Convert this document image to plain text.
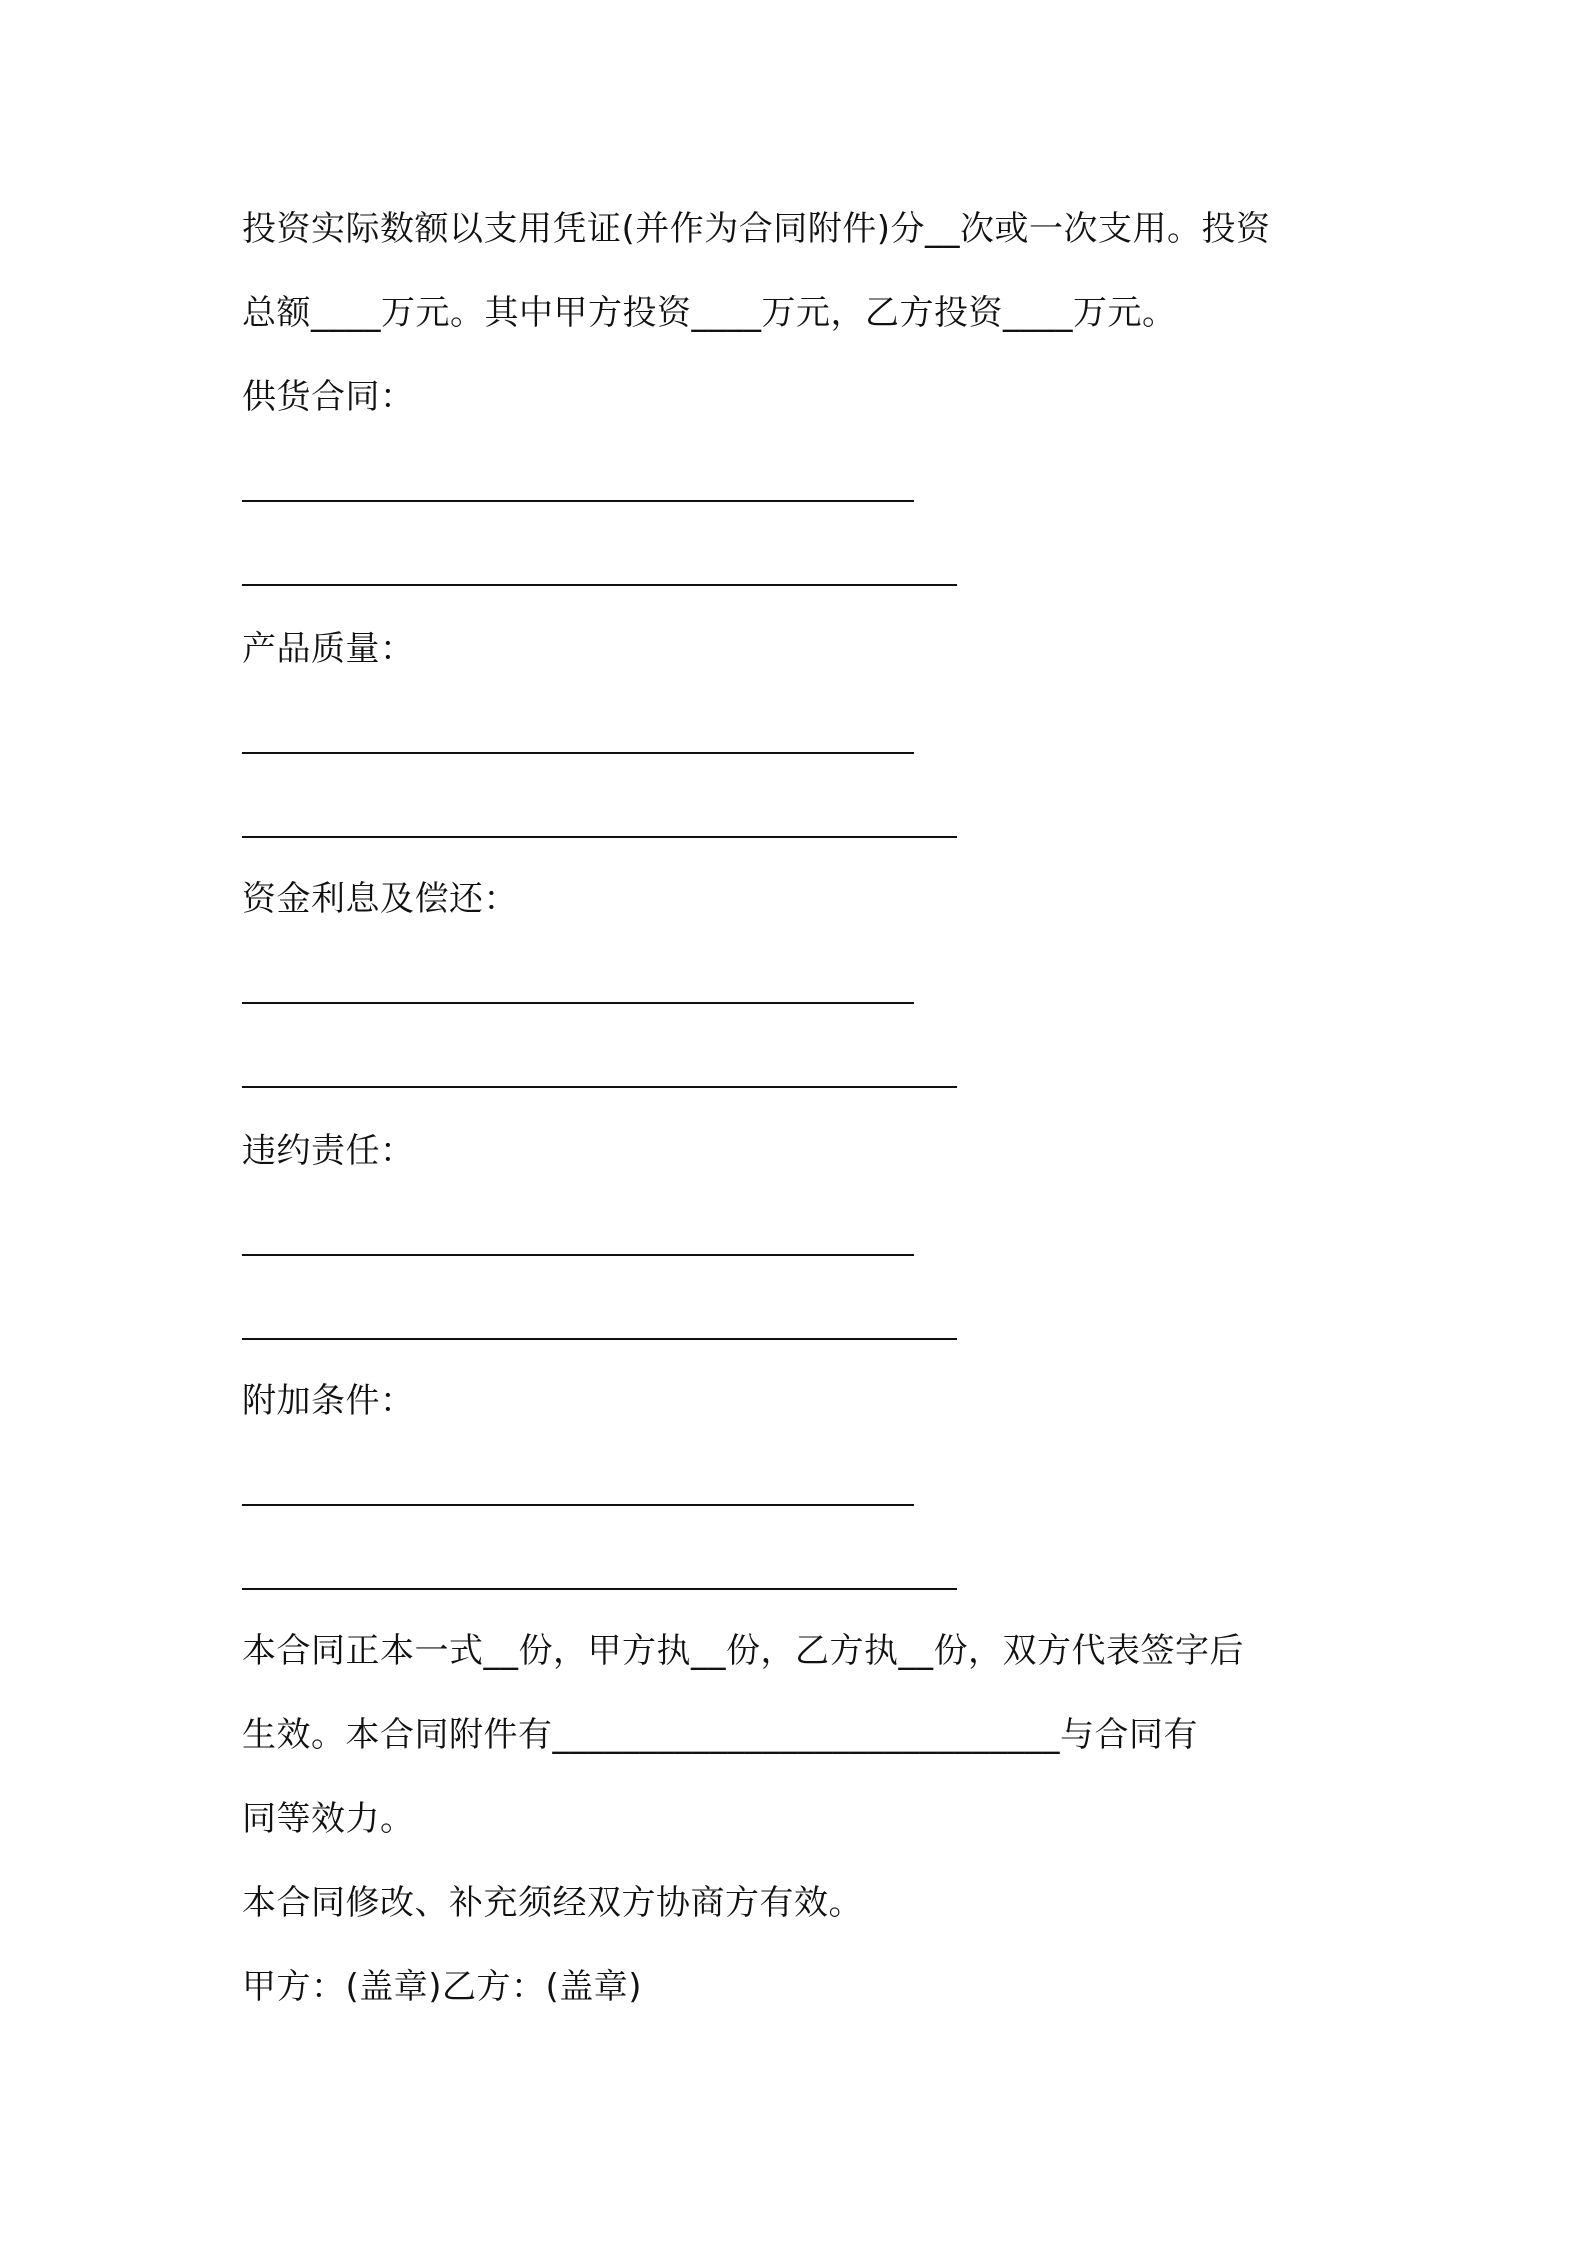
投资实际数额以支用凭证(并作为合同附件)分__次或一次支用。投资
总额____万元。其中甲方投资____万元，乙方投资____万元。
供货合同：
产品质量：
资金利息及偿还：
违约责任：
附加条件：
本合同正本一式__份，甲方执__份，乙方执__份，双方代表签字后
生效。本合同附件有_____________________________与合同有
同等效力。
本合同修改、补充须经双方协商方有效。
甲方：(盖章)乙方：(盖章)
